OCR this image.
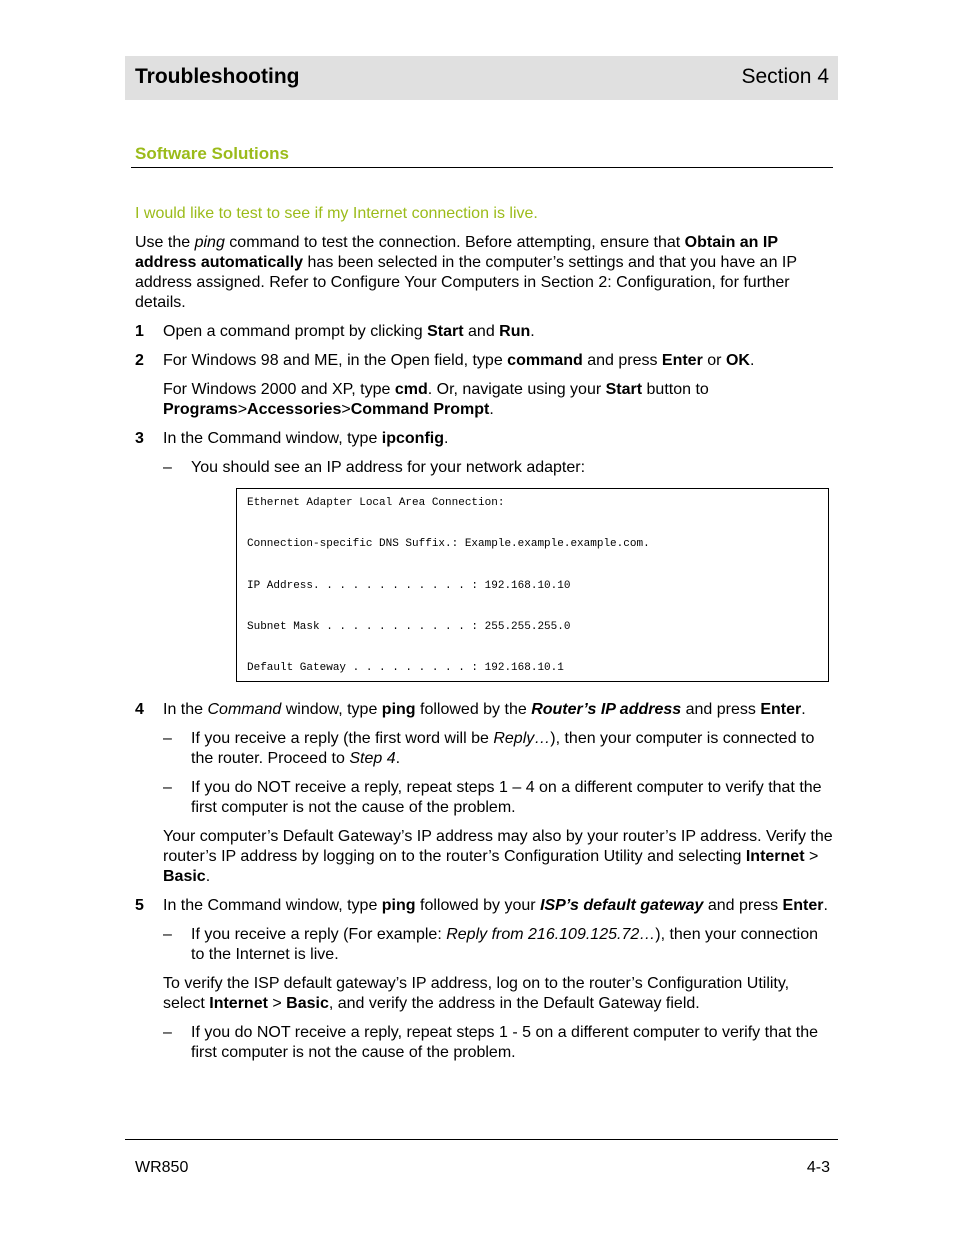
Troubleshooting	Section 4
Software Solutions

I would like to test to see if my Internet connection is live.

Use the ping command to test the connection. Before attempting, ensure that Obtain an IP address automatically has been selected in the computer’s settings and that you have an IP address assigned. Refer to Configure Your Computers in Section 2: Configuration, for further details.

1 Open a command prompt by clicking Start and Run.
2 For Windows 98 and ME, in the Open field, type command and press Enter or OK.
For Windows 2000 and XP, type cmd. Or, navigate using your Start button to Programs>Accessories>Command Prompt.
3 In the Command window, type ipconfig.
– You should see an IP address for your network adapter:
Ethernet Adapter Local Area Connection:
Connection-specific DNS Suffix.: Example.example.example.com.
IP Address. . . . . . . . . . . . : 192.168.10.10
Subnet Mask . . . . . . . . . . . : 255.255.255.0
Default Gateway . . . . . . . . . : 192.168.10.1
4 In the Command window, type ping followed by the Router’s IP address and press Enter.
– If you receive a reply (the first word will be Reply…), then your computer is connected to the router. Proceed to Step 4.
– If you do NOT receive a reply, repeat steps 1 – 4 on a different computer to verify that the first computer is not the cause of the problem.
Your computer’s Default Gateway’s IP address may also by your router’s IP address. Verify the router’s IP address by logging on to the router’s Configuration Utility and selecting Internet > Basic.
5 In the Command window, type ping followed by your ISP’s default gateway and press Enter.
– If you receive a reply (For example: Reply from 216.109.125.72…), then your connection to the Internet is live.
To verify the ISP default gateway’s IP address, log on to the router’s Configuration Utility, select Internet > Basic, and verify the address in the Default Gateway field.
– If you do NOT receive a reply, repeat steps 1 - 5 on a different computer to verify that the first computer is not the cause of the problem.
WR850	4-3
